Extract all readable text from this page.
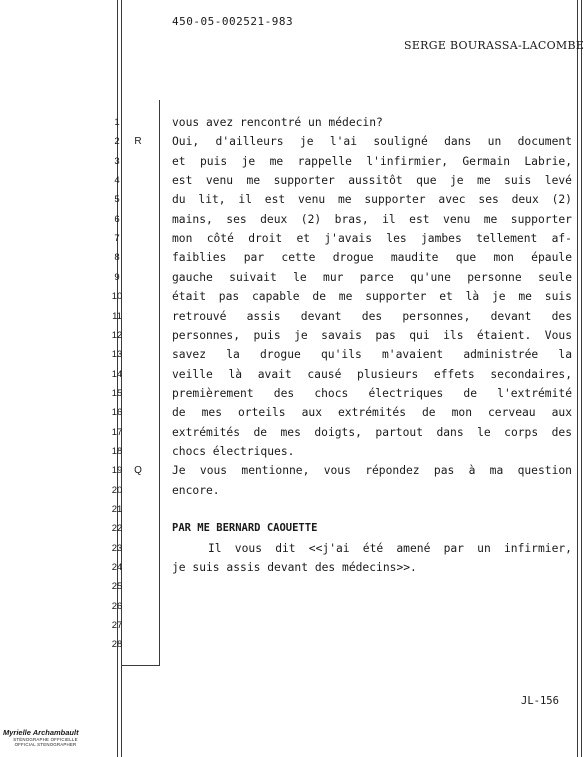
450-05-002521-983
SERGE BOURASSA-LACOMBE
1	vous avez rencontré un médecin?
2	R	Oui, d'ailleurs je l'ai souligné dans un document
3	et puis je me rappelle l'infirmier, Germain Labrie,
4	est venu me supporter aussitôt que je me suis levé
5	du lit, il est venu me supporter avec ses deux (2)
6	mains, ses deux (2) bras, il est venu me supporter
7	mon côté droit et j'avais les jambes tellement af-
8	faiblies par cette drogue maudite que mon épaule
9	gauche suivait le mur parce qu'une personne seule
10	était pas capable de me supporter et là je me suis
11	retrouvé assis devant des personnes, devant des
12	personnes, puis je savais pas qui ils étaient. Vous
13	savez la drogue qu'ils m'avaient administrée la
14	veille là avait causé plusieurs effets secondaires,
15	premièrement des chocs électriques de l'extrémité
16	de mes orteils aux extrémités de mon cerveau aux
17	extrémités de mes doigts, partout dans le corps des
18	chocs électriques.
19	Q	Je vous mentionne, vous répondez pas à ma question
20	encore.
21
22	PAR ME BERNARD CAOUETTE
23	Il vous dit <<j'ai été amené par un infirmier,
24	je suis assis devant des médecins>>.
25
26
27
28
JL-156
Myrielle Archambault
STÉNOGRAPHE OFFICIELLE
OFFICIAL STENOGRAPHER
